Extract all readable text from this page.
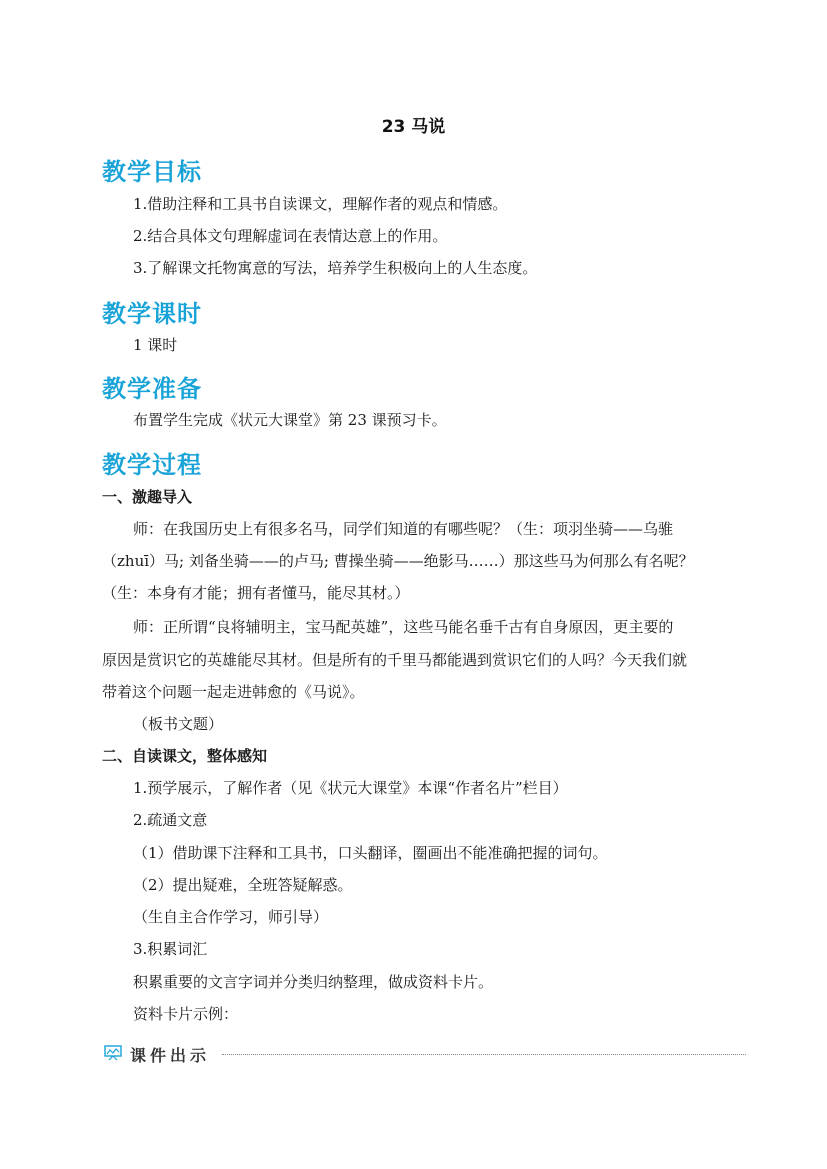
23 马说
教学目标
1.借助注释和工具书自读课文，理解作者的观点和情感。
2.结合具体文句理解虚词在表情达意上的作用。
3.了解课文托物寓意的写法，培养学生积极向上的人生态度。
教学课时
1 课时
教学准备
布置学生完成《状元大课堂》第 23 课预习卡。
教学过程
一、激趣导入
师：在我国历史上有很多名马，同学们知道的有哪些呢？（生：项羽坐骑——乌骓
（zhuī）马; 刘备坐骑——的卢马; 曹操坐骑——绝影马……）那这些马为何那么有名呢？
（生：本身有才能；拥有者懂马，能尽其材。）
师：正所谓“良将辅明主，宝马配英雄”，这些马能名垂千古有自身原因，更主要的
原因是赏识它的英雄能尽其材。但是所有的千里马都能遇到赏识它们的人吗？今天我们就
带着这个问题一起走进韩愈的《马说》。
（板书文题）
二、自读课文，整体感知
1.预学展示，了解作者（见《状元大课堂》本课“作者名片”栏目）
2.疏通文意
（1）借助课下注释和工具书，口头翻译，圈画出不能准确把握的词句。
（2）提出疑难，全班答疑解惑。
（生自主合作学习，师引导）
3.积累词汇
积累重要的文言字词并分类归纳整理，做成资料卡片。
资料卡片示例：
课件出示
